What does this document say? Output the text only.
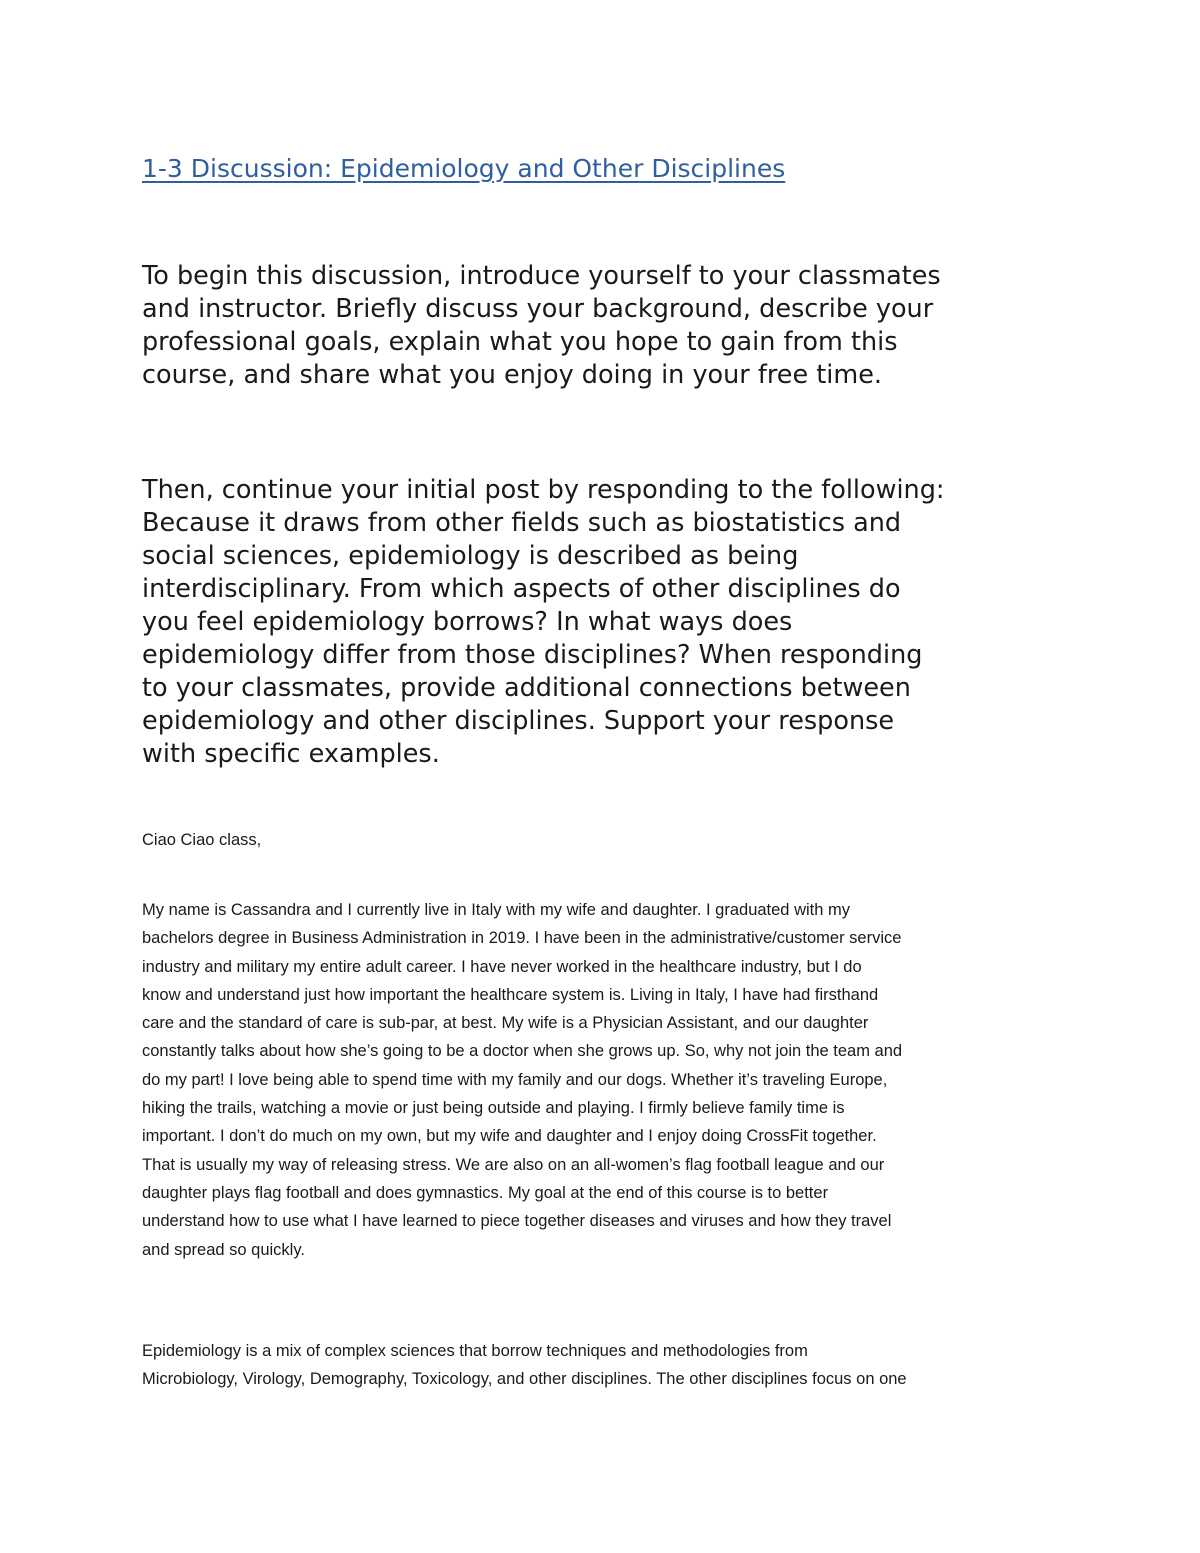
1-3 Discussion: Epidemiology and Other Disciplines
To begin this discussion, introduce yourself to your classmates
and instructor. Briefly discuss your background, describe your
professional goals, explain what you hope to gain from this
course, and share what you enjoy doing in your free time.
Then, continue your initial post by responding to the following:
Because it draws from other fields such as biostatistics and
social sciences, epidemiology is described as being
interdisciplinary. From which aspects of other disciplines do
you feel epidemiology borrows? In what ways does
epidemiology differ from those disciplines? When responding
to your classmates, provide additional connections between
epidemiology and other disciplines. Support your response
with specific examples.

Ciao Ciao class,

My name is Cassandra and I currently live in Italy with my wife and daughter. I graduated with my
bachelors degree in Business Administration in 2019. I have been in the administrative/customer service
industry and military my entire adult career. I have never worked in the healthcare industry, but I do
know and understand just how important the healthcare system is. Living in Italy, I have had firsthand
care and the standard of care is sub-par, at best. My wife is a Physician Assistant, and our daughter
constantly talks about how she’s going to be a doctor when she grows up. So, why not join the team and
do my part! I love being able to spend time with my family and our dogs. Whether it’s traveling Europe,
hiking the trails, watching a movie or just being outside and playing. I firmly believe family time is
important. I don’t do much on my own, but my wife and daughter and I enjoy doing CrossFit together.
That is usually my way of releasing stress. We are also on an all-women’s flag football league and our
daughter plays flag football and does gymnastics. My goal at the end of this course is to better
understand how to use what I have learned to piece together diseases and viruses and how they travel
and spread so quickly.
Epidemiology is a mix of complex sciences that borrow techniques and methodologies from
Microbiology, Virology, Demography, Toxicology, and other disciplines. The other disciplines focus on one
